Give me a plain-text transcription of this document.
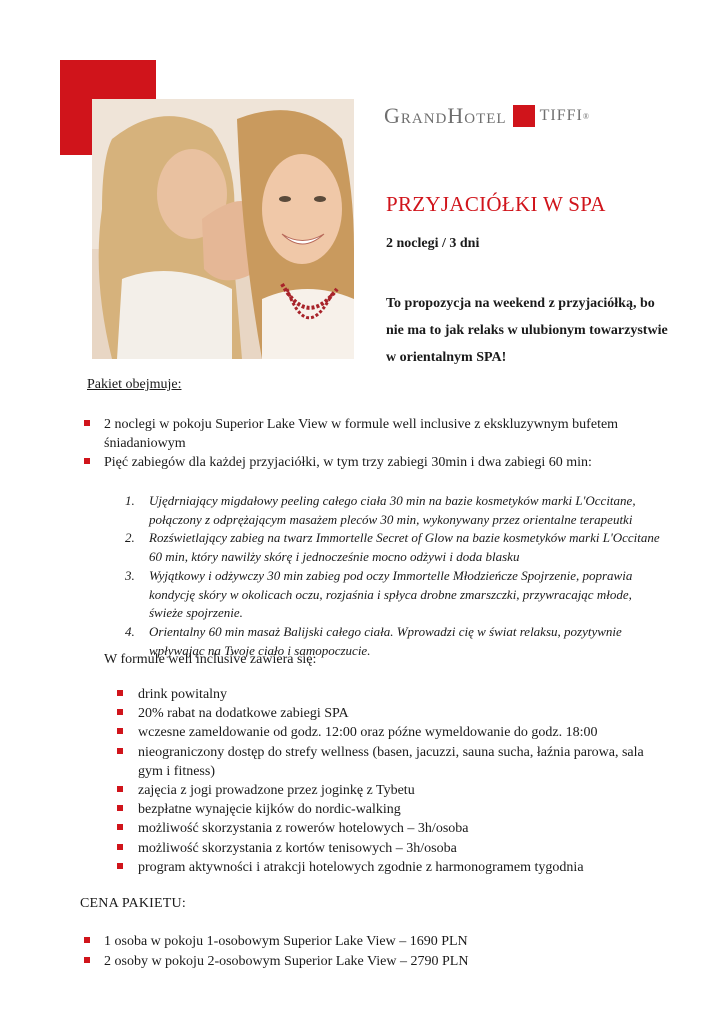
GrandHotel TIFFI ®
PRZYJACIÓŁKI W SPA

2 noclegi / 3 dni

To propozycja na weekend z przyjaciółką, bo
nie ma to jak relaks w ulubionym towarzystwie
w orientalnym SPA!

Pakiet obejmuje:
2 noclegi w pokoju Superior Lake View w formule well inclusive z ekskluzywnym bufetem śniadaniowym
Pięć zabiegów dla każdej przyjaciółki, w tym trzy zabiegi 30min i dwa zabiegi 60 min:
1. Ujędrniający migdałowy peeling całego ciała 30 min na bazie kosmetyków marki L'Occitane, połączony z odprężającym masażem pleców 30 min, wykonywany przez orientalne terapeutki
2. Rozświetlający zabieg na twarz Immortelle Secret of Glow na bazie kosmetyków marki L'Occitane 60 min, który nawilży skórę i jednocześnie mocno odżywi i doda blasku
3. Wyjątkowy i odżywczy 30 min zabieg pod oczy Immortelle Młodzieńcze Spojrzenie, poprawia kondycję skóry w okolicach oczu, rozjaśnia i spłyca drobne zmarszczki, przywracając młode, świeże spojrzenie.
4. Orientalny 60 min masaż Balijski całego ciała. Wprowadzi cię w świat relaksu, pozytywnie wpływając na Twoje ciało i samopoczucie.
W formule well inclusive zawiera się:
drink powitalny
20% rabat na dodatkowe zabiegi SPA
wczesne zameldowanie od godz. 12:00 oraz późne wymeldowanie do godz. 18:00
nieograniczony dostęp do strefy wellness (basen, jacuzzi, sauna sucha, łaźnia parowa, sala gym i fitness)
zajęcia z jogi prowadzone przez joginkę z Tybetu
bezpłatne wynajęcie kijków do nordic-walking
możliwość skorzystania z rowerów hotelowych – 3h/osoba
możliwość skorzystania z kortów tenisowych – 3h/osoba
program aktywności i atrakcji hotelowych zgodnie z harmonogramem tygodnia
CENA PAKIETU:
1 osoba w pokoju 1-osobowym Superior Lake View – 1690 PLN
2 osoby w pokoju 2-osobowym Superior Lake View – 2790 PLN
